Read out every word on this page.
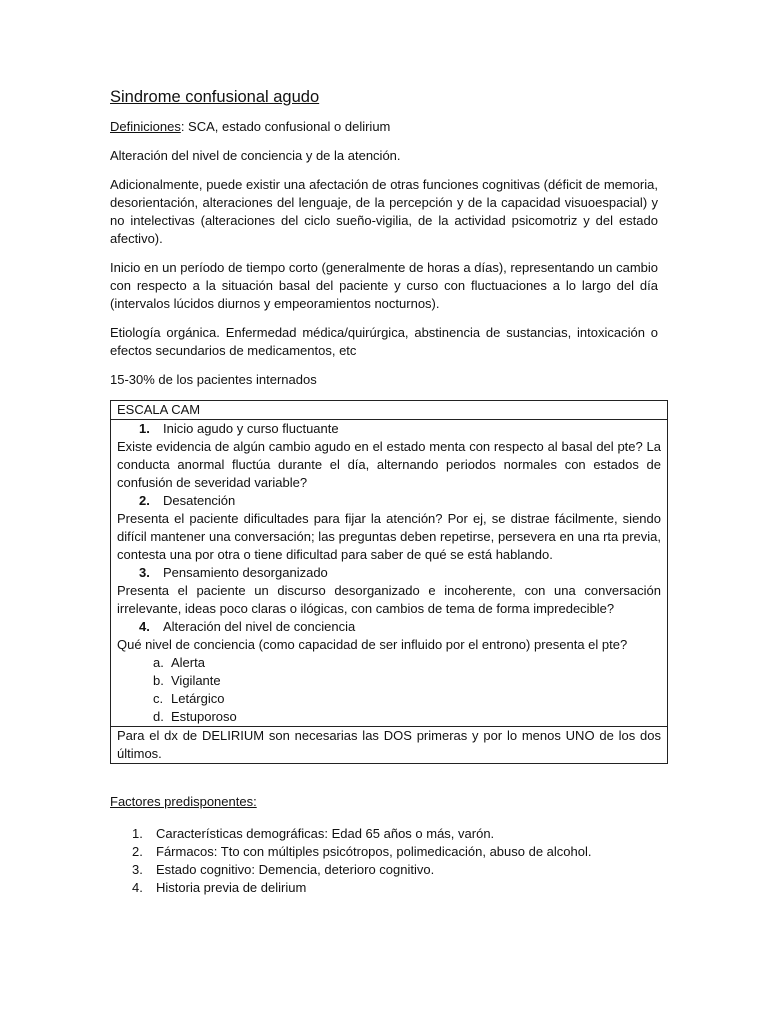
Sindrome confusional agudo

Definiciones: SCA, estado confusional o delirium

Alteración del nivel de conciencia y de la atención.

Adicionalmente, puede existir una afectación de otras funciones cognitivas (déficit de memoria, desorientación, alteraciones del lenguaje, de la percepción y de la capacidad visuoespacial) y no intelectivas (alteraciones del ciclo sueño-vigilia, de la actividad psicomotriz y del estado afectivo).

Inicio en un período de tiempo corto (generalmente de horas a días), representando un cambio con respecto a la situación basal del paciente y curso con fluctuaciones a lo largo del día (intervalos lúcidos diurnos y empeoramientos nocturnos).

Etiología orgánica. Enfermedad médica/quirúrgica, abstinencia de sustancias, intoxicación o efectos secundarios de medicamentos, etc

15-30% de los pacientes internados

ESCALA CAM

1.	Inicio agudo y curso fluctuante

Existe evidencia de algún cambio agudo en el estado menta con respecto al basal del pte? La conducta anormal fluctúa durante el día, alternando periodos normales con estados de confusión de severidad variable?

2.	Desatención

Presenta el paciente dificultades para fijar la atención? Por ej, se distrae fácilmente, siendo difícil mantener una conversación; las preguntas deben repetirse, persevera en una rta previa, contesta una por otra o tiene dificultad para saber de qué se está hablando.

3.	Pensamiento desorganizado

Presenta el paciente un discurso desorganizado e incoherente, con una conversación irrelevante, ideas poco claras o ilógicas, con cambios de tema de forma impredecible?

4.	Alteración del nivel de conciencia

Qué nivel de conciencia (como capacidad de ser influido por el entrono) presenta el pte?

a. Alerta
b. Vigilante
c. Letárgico
d. Estuporoso

Para el dx de DELIRIUM son necesarias las DOS primeras y por lo menos UNO de los dos últimos.
Factores predisponentes:
1.	Características demográficas: Edad 65 años o más, varón.
2.	Fármacos: Tto con múltiples psicótropos, polimedicación, abuso de alcohol.
3.	Estado cognitivo: Demencia, deterioro cognitivo.
4.	Historia previa de delirium
